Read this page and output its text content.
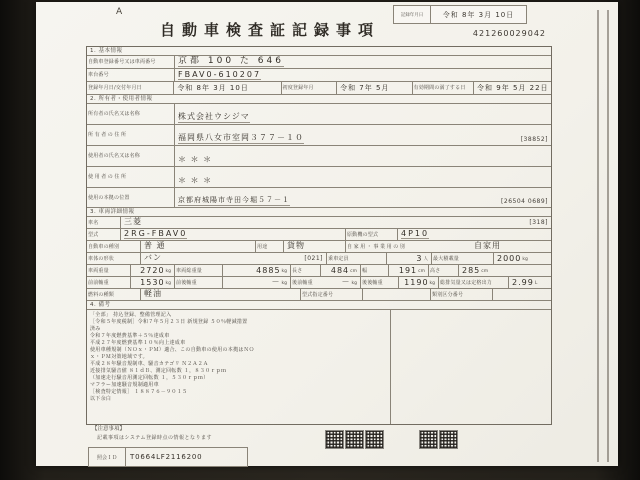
A
自動車検査証記録事項
記録年月日	令和 8年 3月 10日
421260029042
1. 基本情報
自動車登録番号又は車両番号 京都 100 た 646
車台番号	FBAV0-610207
登録年月日/交付年月日	令和 8年 3月 10日	初度登録年月	令和 7年 5月	有効期間の満了する日 令和 9年 5月 22日
2. 所有者・使用者情報
所有者の氏名又は名称	株式会社ウシジマ
所有者の住所	福岡県八女市室岡３７７－１０	[38852]
使用者の氏名又は名称	＊ ＊ ＊
使用者の住所	＊ ＊ ＊
使用の本拠の位置	京都府城陽市寺田今堀５７－１	[26504 0689]
3. 車両詳細情報
車名	三菱	[318]
型式	2RG-FBAV0	原動機の型式	4P10
自動車の種別	普 通	用途 貨物	自家用・事業用の別	自家用
車体の形状	バン	[021] 乗車定員	3 人 最大積載量	2000 kg
車両重量	2720 kg 車両総重量	4885 kg 長さ	484 cm 幅	191 cm 高さ	285 cm
前前軸重	1530 kg 前後軸重	－ kg 後前軸重	－ kg 後後軸重	1190 kg 総排気量又は定格出力 2.99 L
燃料の種類	軽油	型式指定番号	類別区分番号
4. 備考
「全部」 持込登録、整備管理記入
［令和５年度税制］令和７年５月２３日 新規登録 ５０％軽減措置
済み
令和７年度燃費基準＋５％達成車
平成２７年度燃費基準１０％向上達成車
使用車種規制（ＮＯｘ・ＰＭ）適合、この自動車の使用の本拠はＮＯ
ｘ・ＰＭ対策地域です。
平成２８年騒音規制車、騒音カテゴリ Ｎ２Ａ２Ａ
近接排気騒音値 ８１ｄＢ、測定回転数 １，８３０ｒｐｍ
（加速走行騒音用測定回転数 １，５３０ｒｐｍ）
マフラー加速騒音規制適用車
［検査特定情報］ １８８７６－９０１５
以下余白
【注意事項】
記載事項はシステム登録時点の情報となります
照会ＩＤ	T0664LF2116200
